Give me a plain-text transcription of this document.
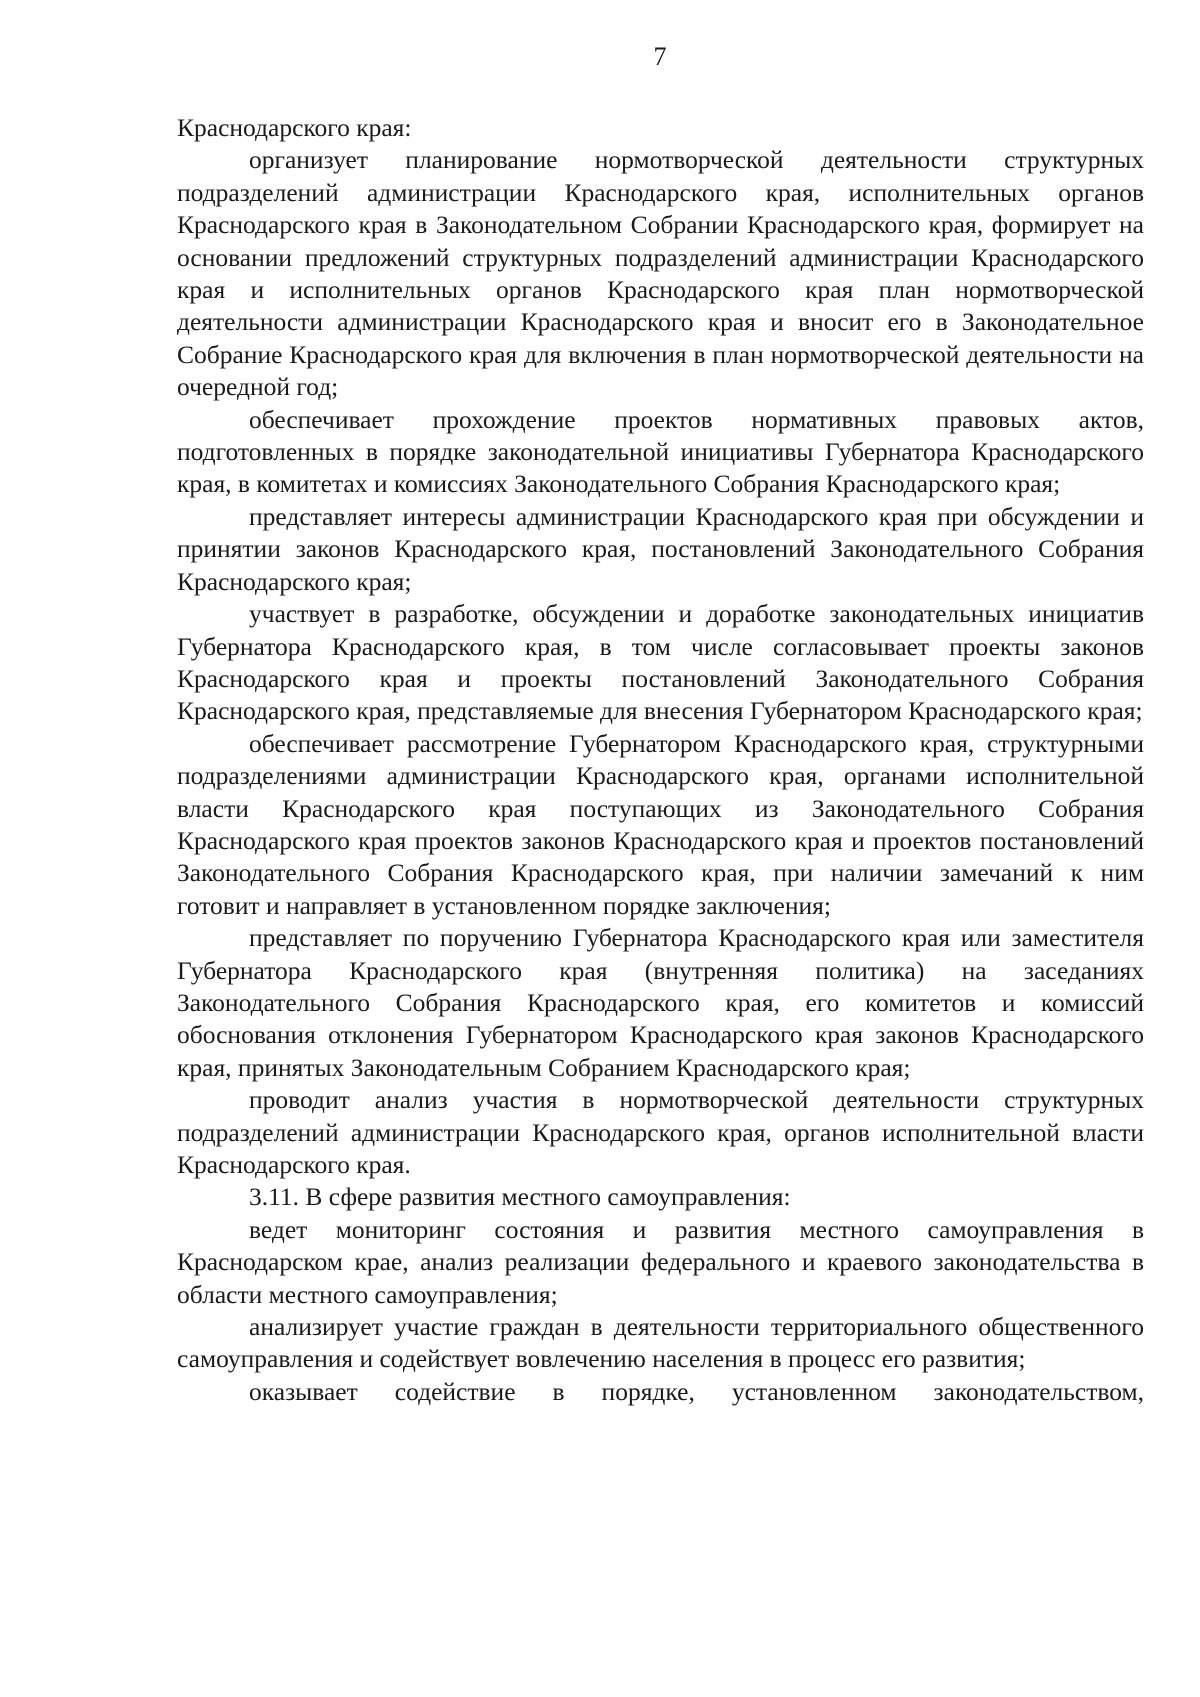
7

Краснодарского края:

организует планирование нормотворческой деятельности структурных подразделений администрации Краснодарского края, исполнительных органов Краснодарского края в Законодательном Собрании Краснодарского края, формирует на основании предложений структурных подразделений администрации Краснодарского края и исполнительных органов Краснодарского края план нормотворческой деятельности администрации Краснодарского края и вносит его в Законодательное Собрание Краснодарского края для включения в план нормотворческой деятельности на очередной год;

обеспечивает прохождение проектов нормативных правовых актов, подготовленных в порядке законодательной инициативы Губернатора Краснодарского края, в комитетах и комиссиях Законодательного Собрания Краснодарского края;

представляет интересы администрации Краснодарского края при обсуждении и принятии законов Краснодарского края, постановлений Законодательного Собрания Краснодарского края;

участвует в разработке, обсуждении и доработке законодательных инициатив Губернатора Краснодарского края, в том числе согласовывает проекты законов Краснодарского края и проекты постановлений Законодательного Собрания Краснодарского края, представляемые для внесения Губернатором Краснодарского края;

обеспечивает рассмотрение Губернатором Краснодарского края, структурными подразделениями администрации Краснодарского края, органами исполнительной власти Краснодарского края поступающих из Законодательного Собрания Краснодарского края проектов законов Краснодарского края и проектов постановлений Законодательного Собрания Краснодарского края, при наличии замечаний к ним готовит и направляет в установленном порядке заключения;

представляет по поручению Губернатора Краснодарского края или заместителя Губернатора Краснодарского края (внутренняя политика) на заседаниях Законодательного Собрания Краснодарского края, его комитетов и комиссий обоснования отклонения Губернатором Краснодарского края законов Краснодарского края, принятых Законодательным Собранием Краснодарского края;

проводит анализ участия в нормотворческой деятельности структурных подразделений администрации Краснодарского края, органов исполнительной власти Краснодарского края.

3.11. В сфере развития местного самоуправления:

ведет мониторинг состояния и развития местного самоуправления в Краснодарском крае, анализ реализации федерального и краевого законодательства в области местного самоуправления;

анализирует участие граждан в деятельности территориального общественного самоуправления и содействует вовлечению населения в процесс его развития;

оказывает содействие в порядке, установленном законодательством,
